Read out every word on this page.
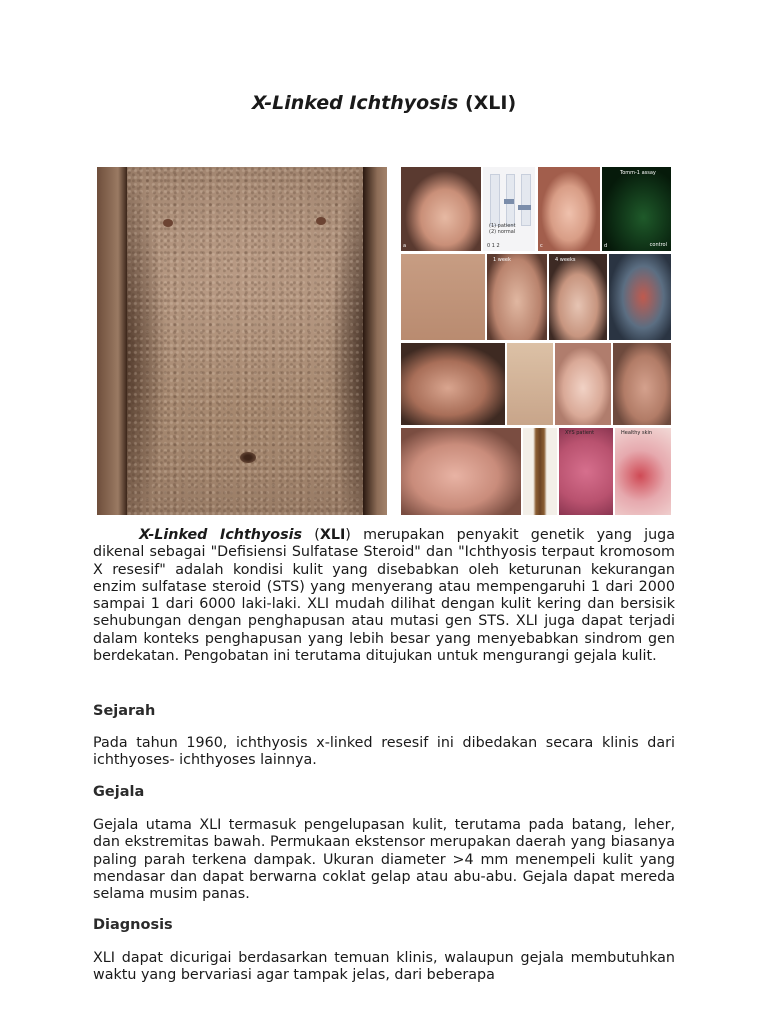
X-Linked Ichthyosis (XLI)
a
(1) patient
(2) normal
0 1 2	c
Tomm-1 assay
control
d
1 week	4 weeks
XYS patient	Healthy skin
X-Linked Ichthyosis (XLI) merupakan penyakit genetik yang juga dikenal sebagai "Defisiensi Sulfatase Steroid" dan "Ichthyosis terpaut kromosom X resesif" adalah kondisi kulit yang disebabkan oleh keturunan kekurangan enzim sulfatase steroid (STS) yang menyerang atau mempengaruhi 1 dari 2000 sampai 1 dari 6000 laki-laki. XLI mudah dilihat dengan kulit kering dan bersisik sehubungan dengan penghapusan atau mutasi gen STS. XLI juga dapat terjadi dalam konteks penghapusan yang lebih besar yang menyebabkan sindrom gen berdekatan. Pengobatan ini terutama ditujukan untuk mengurangi gejala kulit.
Sejarah
Pada tahun 1960, ichthyosis x-linked resesif ini dibedakan secara klinis dari ichthyoses- ichthyoses lainnya.
Gejala
Gejala utama XLI termasuk pengelupasan kulit, terutama pada batang, leher, dan ekstremitas bawah. Permukaan ekstensor merupakan daerah yang biasanya paling parah terkena dampak. Ukuran diameter >4 mm menempeli kulit yang mendasar dan dapat berwarna coklat gelap atau abu-abu. Gejala dapat mereda selama musim panas.
Diagnosis
XLI dapat dicurigai berdasarkan temuan klinis, walaupun gejala membutuhkan waktu yang bervariasi agar tampak jelas, dari beberapa
